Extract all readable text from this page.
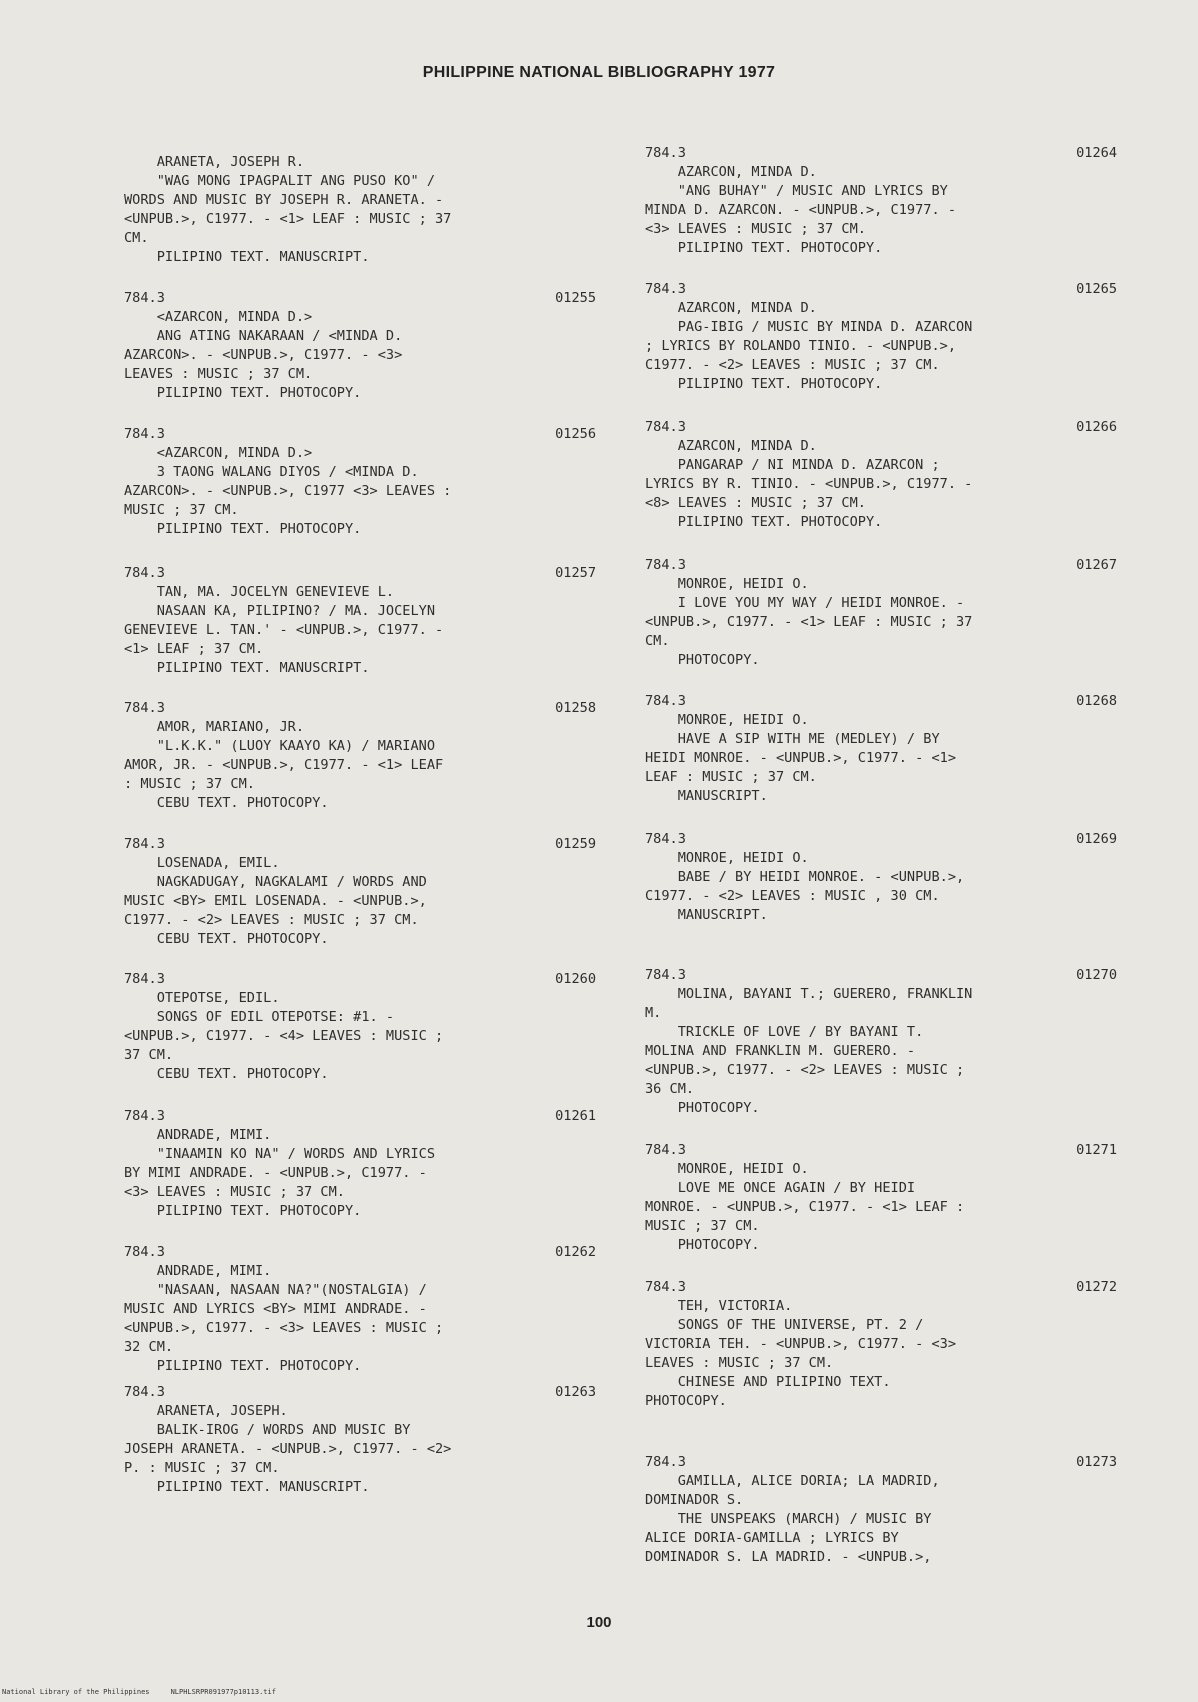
PHILIPPINE NATIONAL BIBLIOGRAPHY 1977
ARANETA, JOSEPH R.
"WAG MONG IPAGPALIT ANG PUSO KO" /
WORDS AND MUSIC BY JOSEPH R. ARANETA. -
<UNPUB.>, C1977. - <1> LEAF : MUSIC ; 37
CM.
PILIPINO TEXT. MANUSCRIPT.
784.3	01255
<AZARCON, MINDA D.>
ANG ATING NAKARAAN / <MINDA D.
AZARCON>. - <UNPUB.>, C1977. - <3>
LEAVES : MUSIC ; 37 CM.
PILIPINO TEXT. PHOTOCOPY.
784.3	01256
<AZARCON, MINDA D.>
3 TAONG WALANG DIYOS / <MINDA D.
AZARCON>. - <UNPUB.>, C1977 <3> LEAVES :
MUSIC ; 37 CM.
PILIPINO TEXT. PHOTOCOPY.
784.3	01257
TAN, MA. JOCELYN GENEVIEVE L.
NASAAN KA, PILIPINO? / MA. JOCELYN
GENEVIEVE L. TAN.' - <UNPUB.>, C1977. -
<1> LEAF ; 37 CM.
PILIPINO TEXT. MANUSCRIPT.
784.3	01258
AMOR, MARIANO, JR.
"L.K.K." (LUOY KAAYO KA) / MARIANO
AMOR, JR. - <UNPUB.>, C1977. - <1> LEAF
: MUSIC ; 37 CM.
CEBU TEXT. PHOTOCOPY.
784.3	01259
LOSENADA, EMIL.
NAGKADUGAY, NAGKALAMI / WORDS AND
MUSIC <BY> EMIL LOSENADA. - <UNPUB.>,
C1977. - <2> LEAVES : MUSIC ; 37 CM.
CEBU TEXT. PHOTOCOPY.
784.3	01260
OTEPOTSE, EDIL.
SONGS OF EDIL OTEPOTSE: #1. -
<UNPUB.>, C1977. - <4> LEAVES : MUSIC ;
37 CM.
CEBU TEXT. PHOTOCOPY.
784.3	01261
ANDRADE, MIMI.
"INAAMIN KO NA" / WORDS AND LYRICS
BY MIMI ANDRADE. - <UNPUB.>, C1977. -
<3> LEAVES : MUSIC ; 37 CM.
PILIPINO TEXT. PHOTOCOPY.
784.3	01262
ANDRADE, MIMI.
"NASAAN, NASAAN NA?"(NOSTALGIA) /
MUSIC AND LYRICS <BY> MIMI ANDRADE. -
<UNPUB.>, C1977. - <3> LEAVES : MUSIC ;
32 CM.
PILIPINO TEXT. PHOTOCOPY.
784.3	01263
ARANETA, JOSEPH.
BALIK-IROG / WORDS AND MUSIC BY
JOSEPH ARANETA. - <UNPUB.>, C1977. - <2>
P. : MUSIC ; 37 CM.
PILIPINO TEXT. MANUSCRIPT.
784.3	01264
AZARCON, MINDA D.
"ANG BUHAY" / MUSIC AND LYRICS BY
MINDA D. AZARCON. - <UNPUB.>, C1977. -
<3> LEAVES : MUSIC ; 37 CM.
PILIPINO TEXT. PHOTOCOPY.
784.3	01265
AZARCON, MINDA D.
PAG-IBIG / MUSIC BY MINDA D. AZARCON
; LYRICS BY ROLANDO TINIO. - <UNPUB.>,
C1977. - <2> LEAVES : MUSIC ; 37 CM.
PILIPINO TEXT. PHOTOCOPY.
784.3	01266
AZARCON, MINDA D.
PANGARAP / NI MINDA D. AZARCON ;
LYRICS BY R. TINIO. - <UNPUB.>, C1977. -
<8> LEAVES : MUSIC ; 37 CM.
PILIPINO TEXT. PHOTOCOPY.
784.3	01267
MONROE, HEIDI O.
I LOVE YOU MY WAY / HEIDI MONROE. -
<UNPUB.>, C1977. - <1> LEAF : MUSIC ; 37
CM.
PHOTOCOPY.
784.3	01268
MONROE, HEIDI O.
HAVE A SIP WITH ME (MEDLEY) / BY
HEIDI MONROE. - <UNPUB.>, C1977. - <1>
LEAF : MUSIC ; 37 CM.
MANUSCRIPT.
784.3	01269
MONROE, HEIDI O.
BABE / BY HEIDI MONROE. - <UNPUB.>,
C1977. - <2> LEAVES : MUSIC , 30 CM.
MANUSCRIPT.
784.3	01270
MOLINA, BAYANI T.; GUERERO, FRANKLIN
M.
TRICKLE OF LOVE / BY BAYANI T.
MOLINA AND FRANKLIN M. GUERERO. -
<UNPUB.>, C1977. - <2> LEAVES : MUSIC ;
36 CM.
PHOTOCOPY.
784.3	01271
MONROE, HEIDI O.
LOVE ME ONCE AGAIN / BY HEIDI
MONROE. - <UNPUB.>, C1977. - <1> LEAF :
MUSIC ; 37 CM.
PHOTOCOPY.
784.3	01272
TEH, VICTORIA.
SONGS OF THE UNIVERSE, PT. 2 /
VICTORIA TEH. - <UNPUB.>, C1977. - <3>
LEAVES : MUSIC ; 37 CM.
CHINESE AND PILIPINO TEXT.
PHOTOCOPY.
784.3	01273
GAMILLA, ALICE DORIA; LA MADRID,
DOMINADOR S.
THE UNSPEAKS (MARCH) / MUSIC BY
ALICE DORIA-GAMILLA ; LYRICS BY
DOMINADOR S. LA MADRID. - <UNPUB.>,
100
National Library of the Philippines     NLPHLSRPR091977p10113.tif
